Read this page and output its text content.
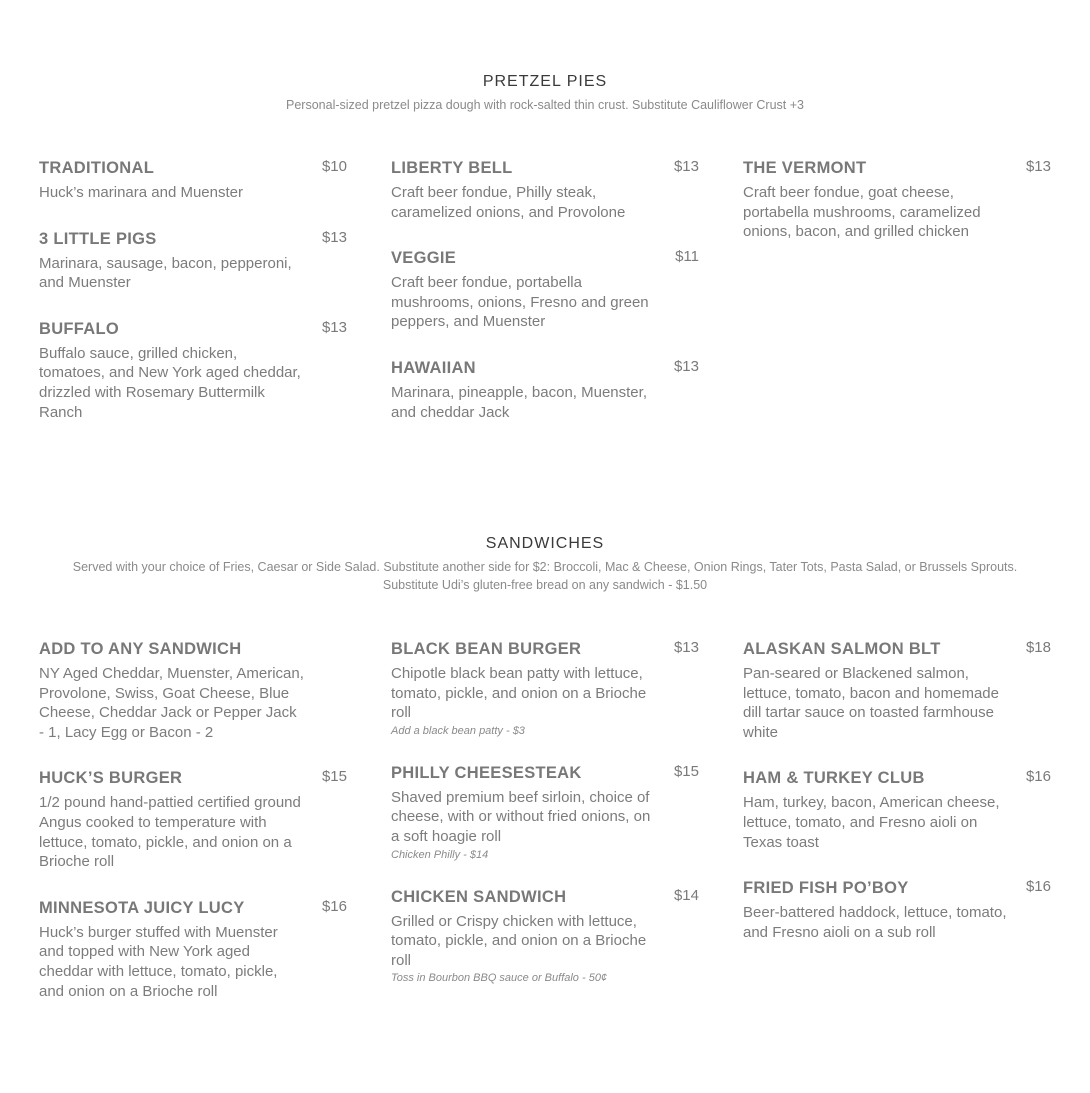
PRETZEL PIES

Personal-sized pretzel pizza dough with rock-salted thin crust. Substitute Cauliflower Crust +3

TRADITIONAL	$10

Huck’s marinara and Muenster

3 LITTLE PIGS	$13

Marinara, sausage, bacon, pepperoni, and Muenster

BUFFALO	$13

Buffalo sauce, grilled chicken, tomatoes, and New York aged cheddar, drizzled with Rosemary Buttermilk Ranch

LIBERTY BELL	$13

Craft beer fondue, Philly steak, caramelized onions, and Provolone

VEGGIE	$11

Craft beer fondue, portabella mushrooms, onions, Fresno and green peppers, and Muenster

HAWAIIAN	$13

Marinara, pineapple, bacon, Muenster, and cheddar Jack

THE VERMONT	$13

Craft beer fondue, goat cheese, portabella mushrooms, caramelized onions, bacon, and grilled chicken

SANDWICHES

Served with your choice of Fries, Caesar or Side Salad. Substitute another side for $2: Broccoli, Mac & Cheese, Onion Rings, Tater Tots, Pasta Salad, or Brussels Sprouts. Substitute Udi’s gluten-free bread on any sandwich - $1.50

ADD TO ANY SANDWICH

NY Aged Cheddar, Muenster, American, Provolone, Swiss, Goat Cheese, Blue Cheese, Cheddar Jack or Pepper Jack - 1, Lacy Egg or Bacon - 2

HUCK’S BURGER	$15

1/2 pound hand-pattied certified ground Angus cooked to temperature with lettuce, tomato, pickle, and onion on a Brioche roll

MINNESOTA JUICY LUCY	$16

Huck’s burger stuffed with Muenster and topped with New York aged cheddar with lettuce, tomato, pickle, and onion on a Brioche roll

BLACK BEAN BURGER	$13

Chipotle black bean patty with lettuce, tomato, pickle, and onion on a Brioche roll

Add a black bean patty - $3

PHILLY CHEESESTEAK	$15

Shaved premium beef sirloin, choice of cheese, with or without fried onions, on a soft hoagie roll

Chicken Philly - $14

CHICKEN SANDWICH	$14

Grilled or Crispy chicken with lettuce, tomato, pickle, and onion on a Brioche roll

Toss in Bourbon BBQ sauce or Buffalo - 50¢

ALASKAN SALMON BLT	$18

Pan-seared or Blackened salmon, lettuce, tomato, bacon and homemade dill tartar sauce on toasted farmhouse white

HAM & TURKEY CLUB	$16

Ham, turkey, bacon, American cheese, lettuce, tomato, and Fresno aioli on Texas toast

FRIED FISH PO’BOY	$16

Beer-battered haddock, lettuce, tomato, and Fresno aioli on a sub roll
